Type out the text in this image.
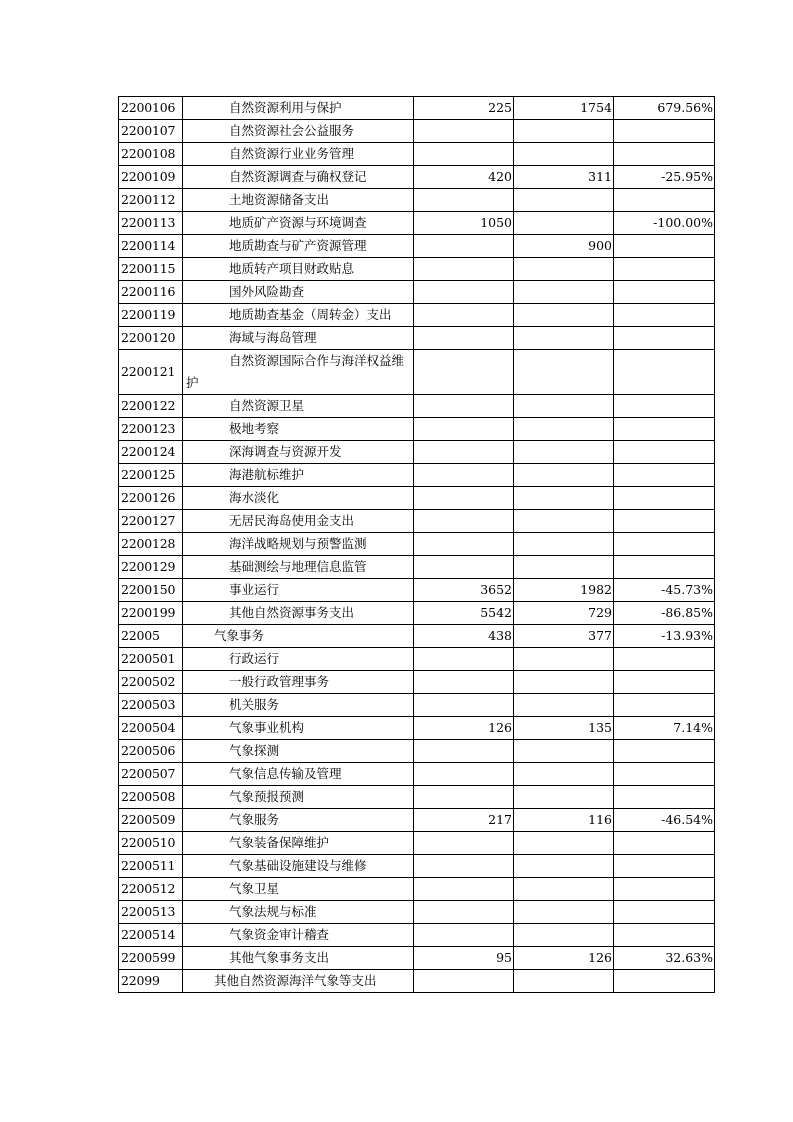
2200106	自然资源利用与保护	225	1754	679.56%
2200107	自然资源社会公益服务			
2200108	自然资源行业业务管理			
2200109	自然资源调查与确权登记	420	311	-25.95%
2200112	土地资源储备支出			
2200113	地质矿产资源与环境调查	1050		-100.00%
2200114	地质勘查与矿产资源管理		900	
2200115	地质转产项目财政贴息			
2200116	国外风险勘查			
2200119	地质勘查基金（周转金）支出			
2200120	海域与海岛管理			
2200121	自然资源国际合作与海洋权益维护			
2200122	自然资源卫星			
2200123	极地考察			
2200124	深海调查与资源开发			
2200125	海港航标维护			
2200126	海水淡化			
2200127	无居民海岛使用金支出			
2200128	海洋战略规划与预警监测			
2200129	基础测绘与地理信息监管			
2200150	事业运行	3652	1982	-45.73%
2200199	其他自然资源事务支出	5542	729	-86.85%
22005	气象事务	438	377	-13.93%
2200501	行政运行			
2200502	一般行政管理事务			
2200503	机关服务			
2200504	气象事业机构	126	135	7.14%
2200506	气象探测			
2200507	气象信息传输及管理			
2200508	气象预报预测			
2200509	气象服务	217	116	-46.54%
2200510	气象装备保障维护			
2200511	气象基础设施建设与维修			
2200512	气象卫星			
2200513	气象法规与标准			
2200514	气象资金审计稽查			
2200599	其他气象事务支出	95	126	32.63%
22099	其他自然资源海洋气象等支出			
